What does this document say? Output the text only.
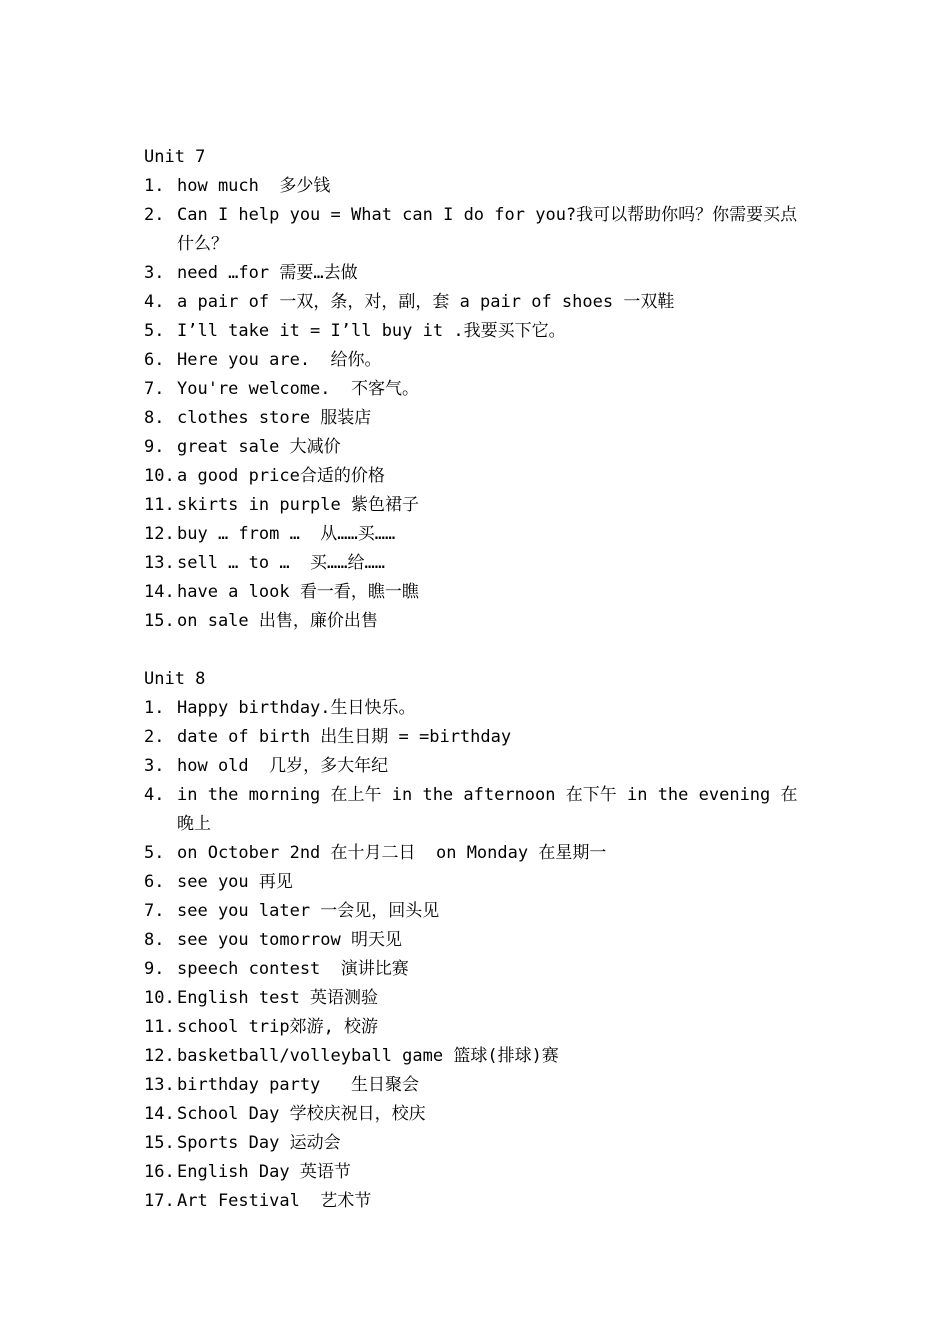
Unit 7
1. how much  多少钱
2. Can I help you = What can I do for you?我可以帮助你吗？你需要买点什么？
3. need …for 需要…去做
4. a pair of 一双，条，对，副，套 a pair of shoes 一双鞋
5. I’ll take it = I’ll buy it .我要买下它。
6. Here you are.  给你。
7. You're welcome.  不客气。
8. clothes store 服装店
9. great sale 大减价
10. a good price合适的价格
11. skirts in purple 紫色裙子
12. buy … from …  从……买……
13. sell … to …  买……给……
14. have a look 看一看，瞧一瞧
15. on sale 出售，廉价出售
Unit 8
1. Happy birthday.生日快乐。
2. date of birth 出生日期 = =birthday
3. how old  几岁，多大年纪
4. in the morning 在上午 in the afternoon 在下午 in the evening 在晚上
5. on October 2nd 在十月二日  on Monday 在星期一
6. see you 再见
7. see you later 一会见，回头见
8. see you tomorrow 明天见
9. speech contest  演讲比赛
10. English test 英语测验
11. school trip郊游, 校游
12. basketball/volleyball game 篮球(排球)赛
13. birthday party   生日聚会
14. School Day 学校庆祝日，校庆
15. Sports Day 运动会
16. English Day 英语节
17. Art Festival  艺术节
